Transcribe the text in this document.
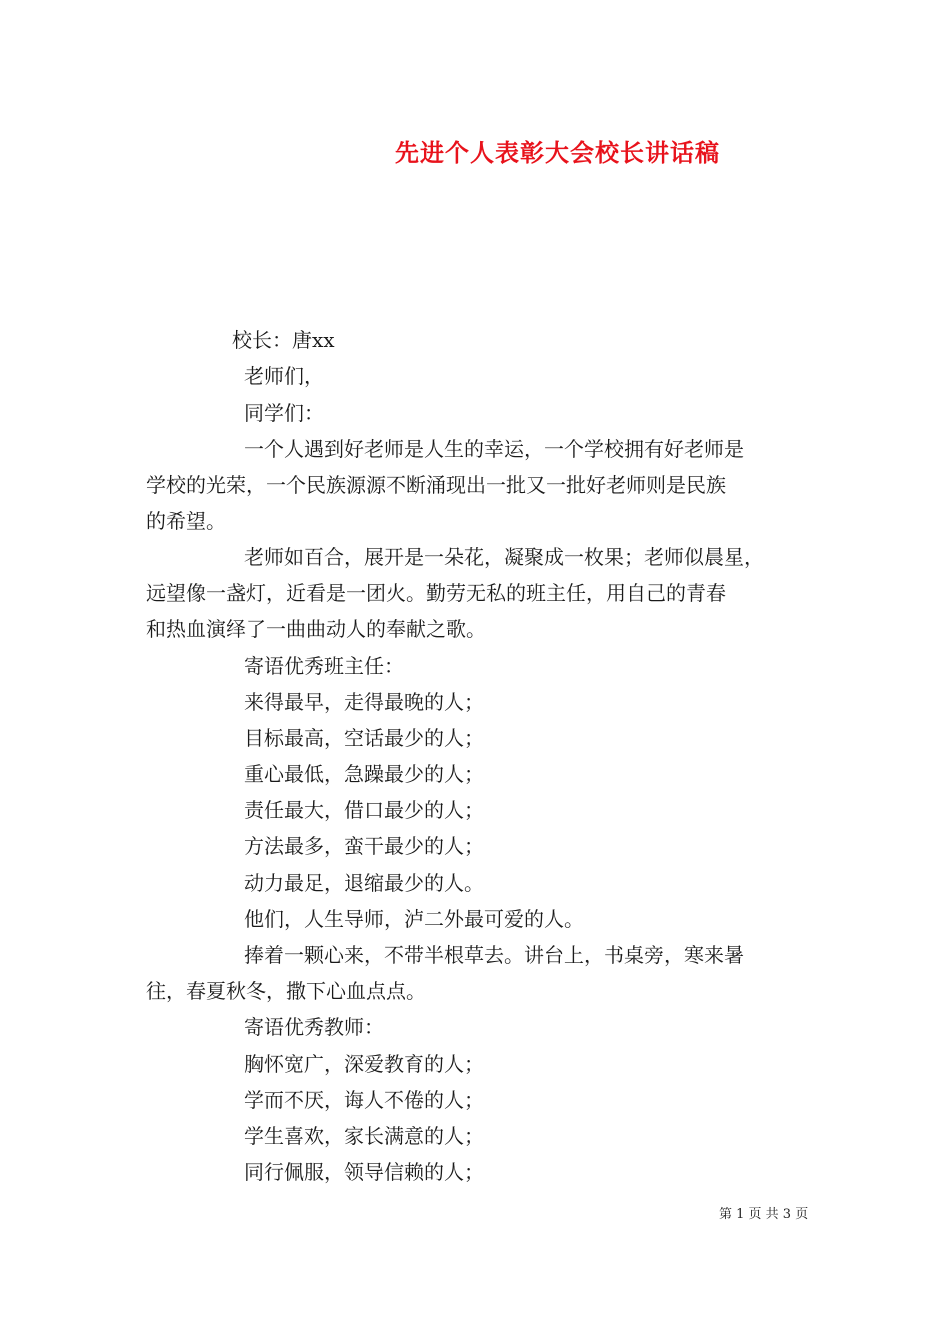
先进个人表彰大会校长讲话稿
校长：唐xx
老师们，
同学们：
一个人遇到好老师是人生的幸运，一个学校拥有好老师是
学校的光荣，一个民族源源不断涌现出一批又一批好老师则是民族
的希望。
老师如百合，展开是一朵花，凝聚成一枚果；老师似晨星，
远望像一盏灯，近看是一团火。勤劳无私的班主任，用自己的青春
和热血演绎了一曲曲动人的奉献之歌。
寄语优秀班主任：
来得最早，走得最晚的人；
目标最高，空话最少的人；
重心最低，急躁最少的人；
责任最大，借口最少的人；
方法最多，蛮干最少的人；
动力最足，退缩最少的人。
他们，人生导师，泸二外最可爱的人。
捧着一颗心来，不带半根草去。讲台上，书桌旁，寒来暑
往，春夏秋冬，撒下心血点点。
寄语优秀教师：
胸怀宽广，深爱教育的人；
学而不厌，诲人不倦的人；
学生喜欢，家长满意的人；
同行佩服，领导信赖的人；
第 1 页 共 3 页
